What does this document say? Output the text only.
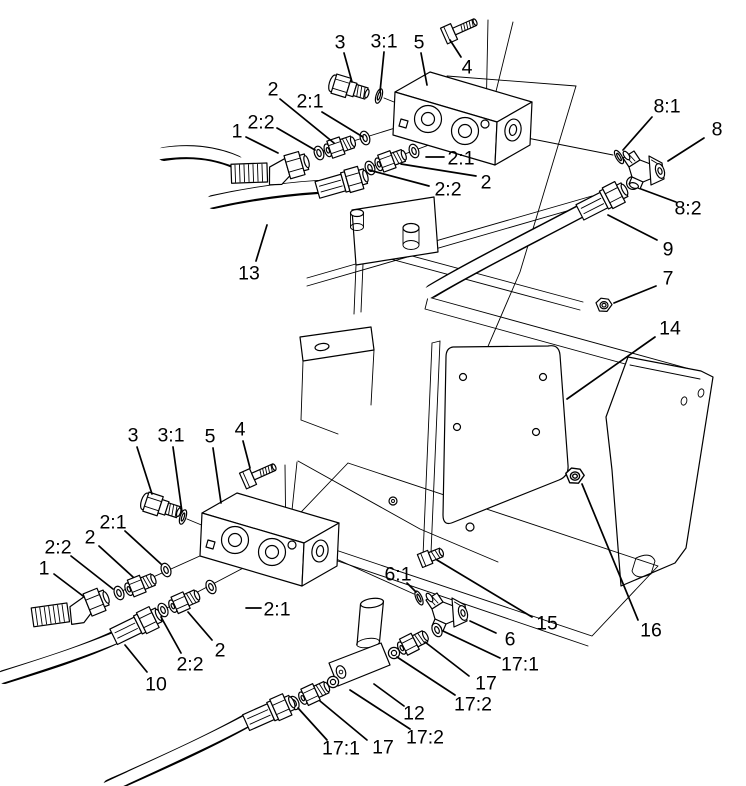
3 3:1 5
4
2
2:1
2:2
1
2:1
2
2:2
13
8:1
8
8:2
9
7
14
16
3 3:1 5 4
2:1
2
2:2
1
2:1
2
2:2
10
6:1
15
6
17:1
17
17:2
12
17:2
17
17:1
